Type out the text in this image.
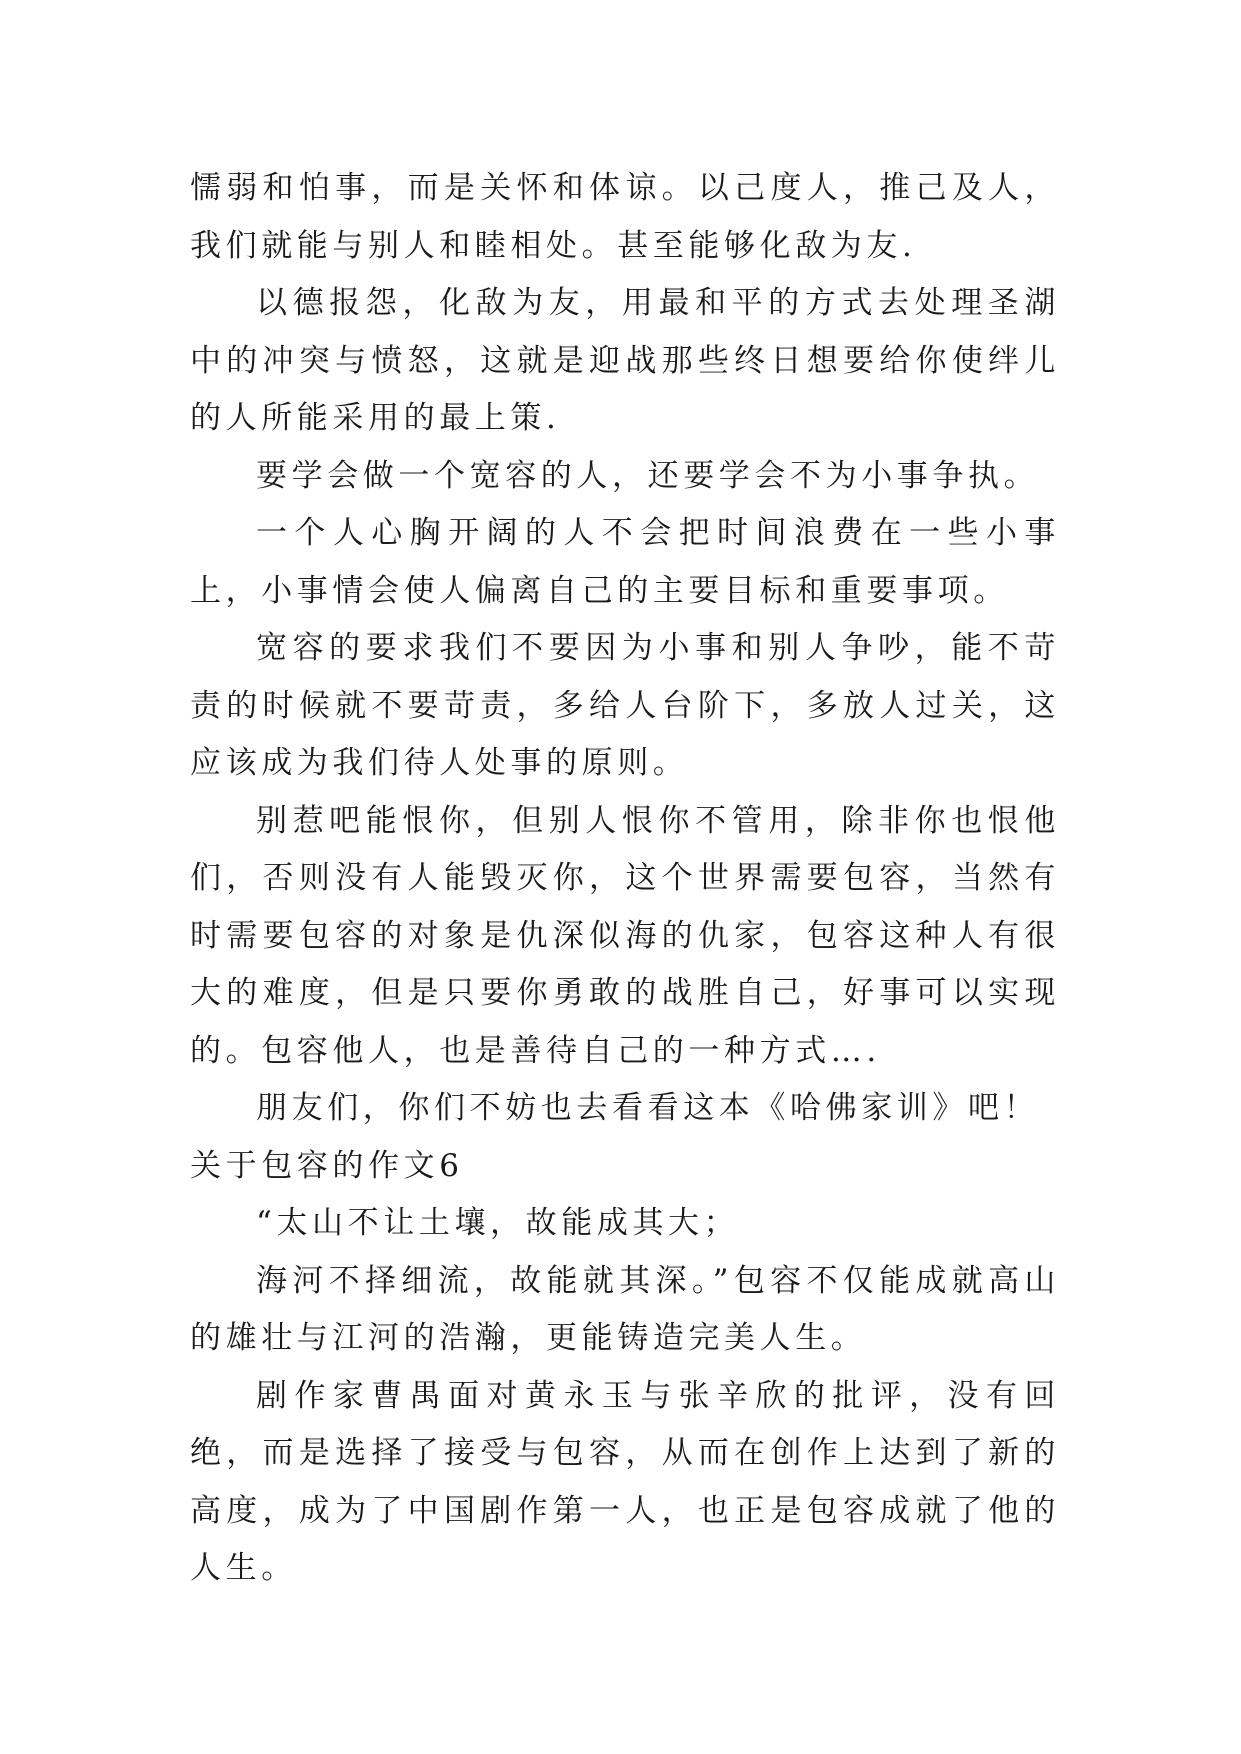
懦弱和怕事，而是关怀和体谅。以己度人，推己及人，我们就能与别人和睦相处。甚至能够化敌为友.

以德报怨，化敌为友，用最和平的方式去处理圣湖中的冲突与愤怒，这就是迎战那些终日想要给你使绊儿的人所能采用的最上策.

要学会做一个宽容的人，还要学会不为小事争执。

一个人心胸开阔的人不会把时间浪费在一些小事上，小事情会使人偏离自己的主要目标和重要事项。

宽容的要求我们不要因为小事和别人争吵，能不苛责的时候就不要苛责，多给人台阶下，多放人过关，这应该成为我们待人处事的原则。

别惹吧能恨你，但别人恨你不管用，除非你也恨他们，否则没有人能毁灭你，这个世界需要包容，当然有时需要包容的对象是仇深似海的仇家，包容这种人有很大的难度，但是只要你勇敢的战胜自己，好事可以实现的。包容他人，也是善待自己的一种方式….

朋友们，你们不妨也去看看这本《哈佛家训》吧！

关于包容的作文6

“太山不让土壤，故能成其大；

海河不择细流，故能就其深。”包容不仅能成就高山的雄壮与江河的浩瀚，更能铸造完美人生。

剧作家曹禺面对黄永玉与张辛欣的批评，没有回绝，而是选择了接受与包容，从而在创作上达到了新的高度，成为了中国剧作第一人，也正是包容成就了他的人生。
